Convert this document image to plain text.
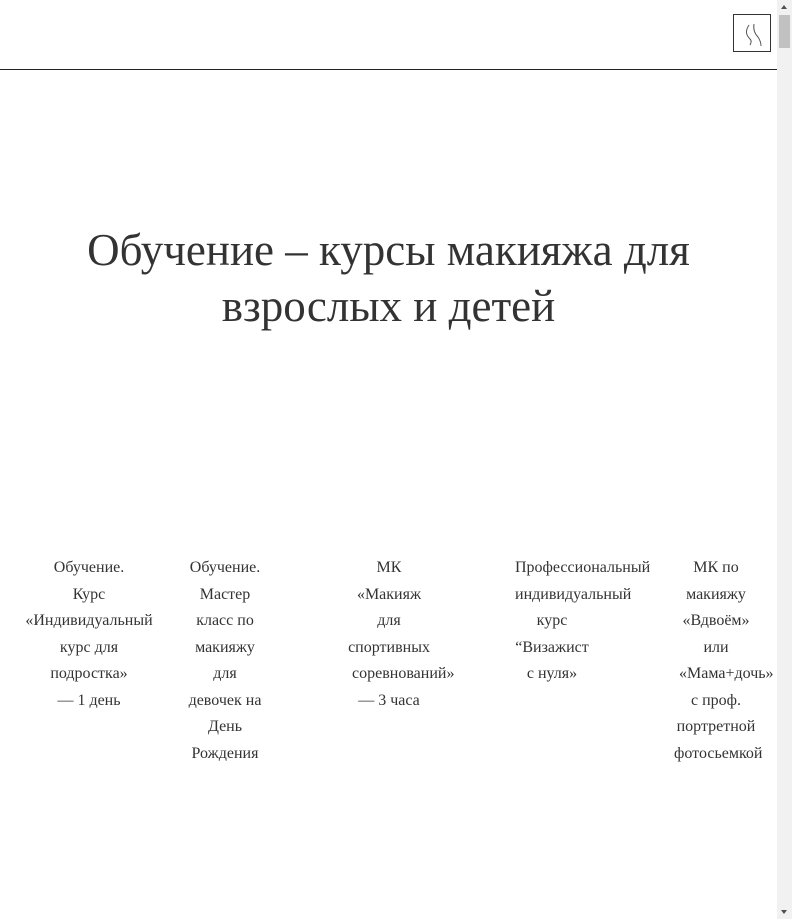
Обучение – курсы макияжа для взрослых и детей
Обучение.
Курс
«Индивидуальный
курс для
подростка»
— 1 день
Обучение.
Мастер
класс по
макияжу
для
девочек на
День
Рождения
МК
«Макияж
для
спортивных
соревнований»
— 3 часа
Профессиональный
индивидуальный
курс
“Визажист
с нуля»
МК по
макияжу
«Вдвоём»
или
«Мама+дочь»
с проф.
портретной
фотосьемкой
